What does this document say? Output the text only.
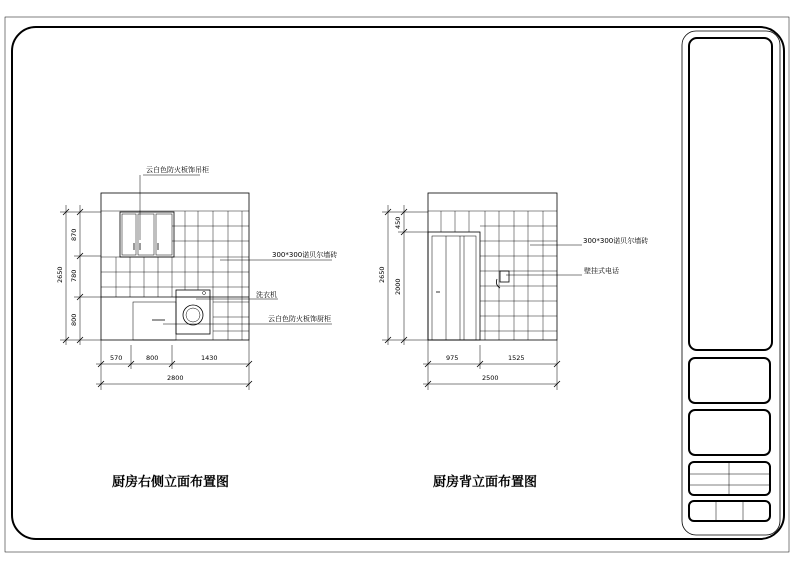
云白色防火板饰吊柜
300*300诺贝尔墙砖
洗衣机
云白色防火板饰厨柜
2650
870
780
800
570	800	1430
2800
300*300诺贝尔墙砖
壁挂式电话
2650
450
2000
975	1525
2500
厨房右侧立面布置图	厨房背立面布置图
